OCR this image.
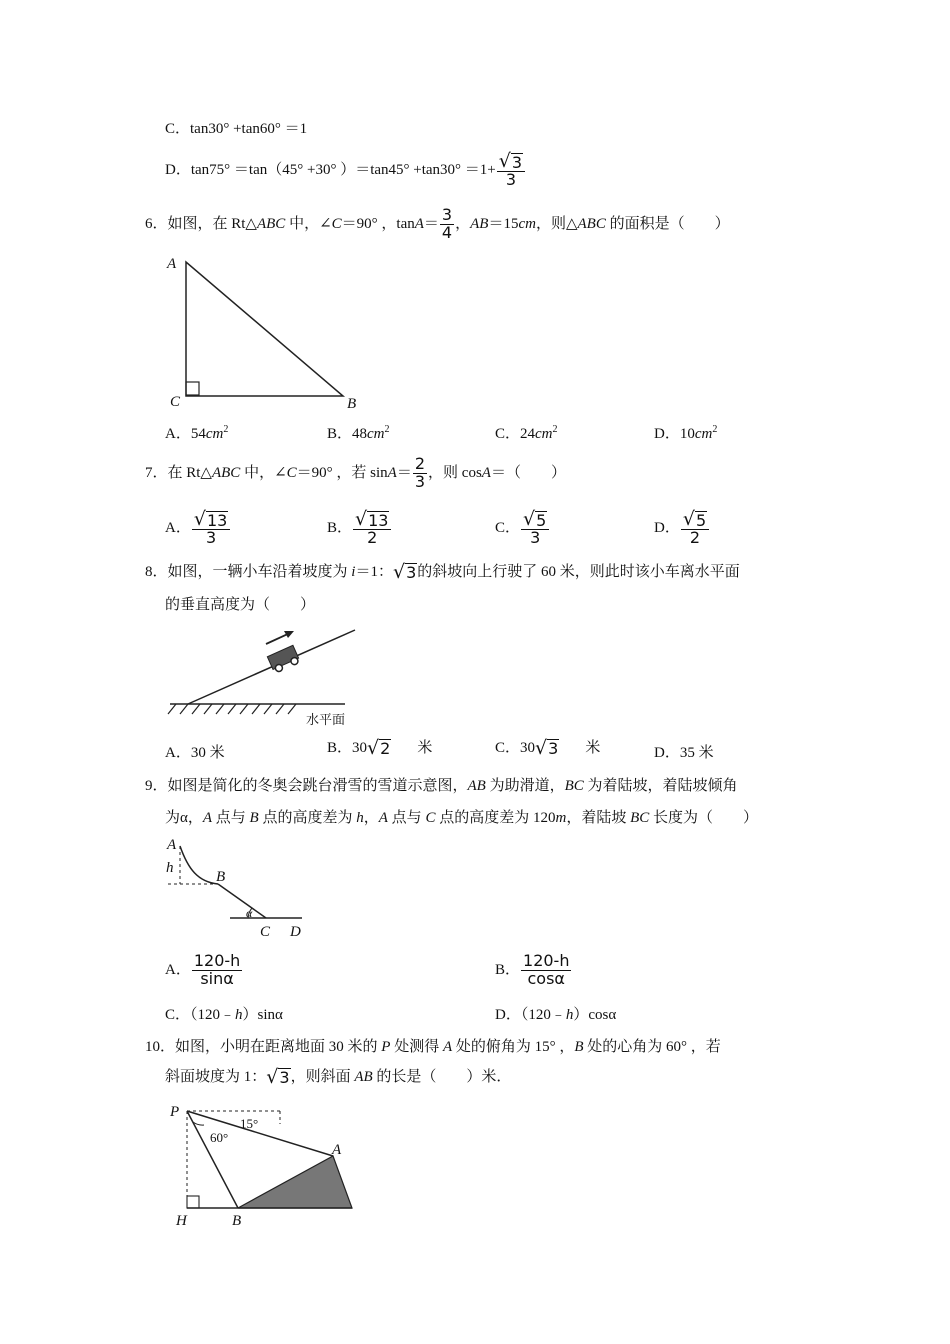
C．tan30° +tan60° ＝1
D．tan75° ＝tan（45° +30° ）$=\tan 45^\circ +\tan 30^\circ =1+ \frac{√ 3}{3}$
6．如图，在 Rt△ABC 中，∠C＝90° ，$\tan A= \frac{3}{4}$ ，AB＝15cm，则△ABC 的面积是（　　）
A
C	B
A．$54cm^2$	B．$48cm^2$	C．$24cm^2$	D．$10cm^2$
7．在 Rt△ABC 中，∠C＝90° ，若 $\sin A= \frac{2}{3}$ ，则 cosA＝（　　）
A． $\frac{√ 13}{3}$	B． $\frac{√ 13}{2}$	C． $\frac{√ 5}{3}$	D． $\frac{√ 5}{2}$
8．如图，一辆小车沿着坡度为 i＝1： √ 3 的斜坡向上行驶了 60 米，则此时该小车离水平面
的垂直高度为（　　）
水平面
A．30 米	B．30 √ 2 米	C．30 √ 3 米	D．35 米
9．如图是简化的冬奥会跳台滑雪的雪道示意图，AB 为助滑道，BC 为着陆坡，着陆坡倾角
为α，A 点与 B 点的高度差为 h，A 点与 C 点的高度差为 120m，着陆坡 BC 长度为（　　）
A
h
B
α
C D
A． $\frac{120-h}{\sin\alpha}$	B． $\frac{120-h}{\cos\alpha}$
C．（120﹣h）sinα	D．（120﹣h）cosα
10．如图，小明在距离地面 30 米的 P 处测得 A 处的俯角为 15° ，B 处的心角为 60° ，若
斜面坡度为 1： √ 3 ，则斜面 AB 的长是（　　）米．
P
15°
60°
A
H	B
